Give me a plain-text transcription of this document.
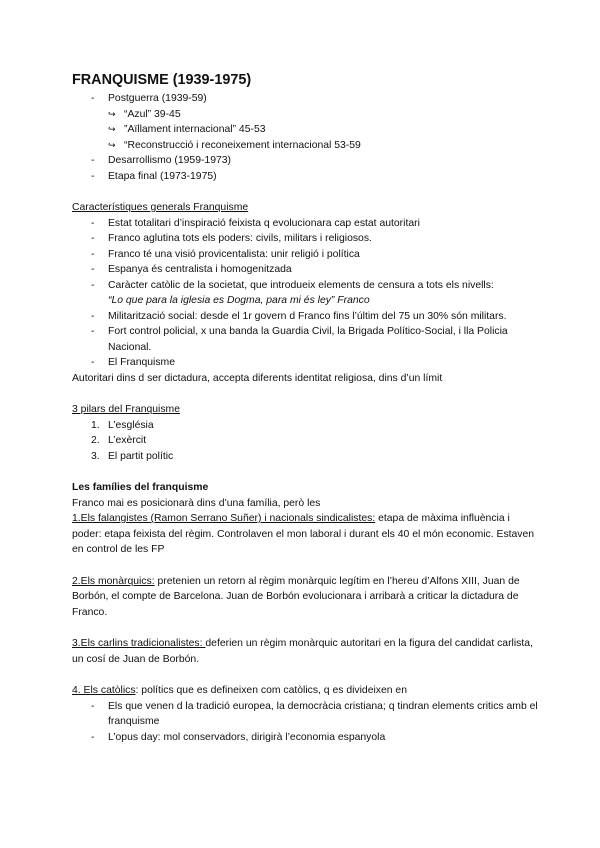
FRANQUISME (1939-1975)
- Postguerra (1939-59)
↪ “Azul” 39-45
↪ ”Aïllament internacional” 45-53
↪ “Reconstrucció i reconeixement internacional 53-59
- Desarrollismo (1959-1973)
- Etapa final (1973-1975)
Característiques generals Franquisme
- Estat totalitari d’inspiració feixista q evolucionara cap estat autoritari
- Franco aglutina tots els poders: civils, militars i religiosos.
- Franco té una visió provicentalista: unir religió i política
- Espanya és centralista i homogenitzada
- Caràcter catòlic de la societat, que introdueix elements de censura a tots els nivells:
“Lo que para la iglesia es Dogma, para mi és ley” Franco
- Militarització social: desde el 1r govern d Franco fins l’últim del 75 un 30% són militars.
- Fort control policial, x una banda la Guardia Civil, la Brigada Político-Social, i lla Policia Nacional.
- El Franquisme

Autoritari dins d ser dictadura, accepta diferents identitat religiosa, dins d’un límit

3 pilars del Franquisme
1. L’església
2. L’exèrcit
3. El partit polític
Les famílies del franquisme

Franco mai es posicionarà dins d’una família, però les

1.Els falangistes (Ramon Serrano Suñer) i nacionals sindicalistes: etapa de màxima influència i poder: etapa feixista del règim. Controlaven el mon laboral i durant els 40 el món economic. Estaven en control de les FP

2.Els monàrquics: pretenien un retorn al règim monàrquic legítim en l’hereu d’Alfons XIII, Juan de Borbón, el compte de Barcelona. Juan de Borbón evolucionara i arribarà a criticar la dictadura de Franco.

3.Els carlins tradicionalistes: deferien un règim monàrquic autoritari en la figura del candidat carlista, un cosí de Juan de Borbón.

4. Els catòlics: polítics que es defineixen com catòlics, q es divideixen en

- Els que venen d la tradició europea, la democràcia cristiana; q tindran elements critics amb el franquisme
- L’opus day: mol conservadors, dirigirà l’economia espanyola
